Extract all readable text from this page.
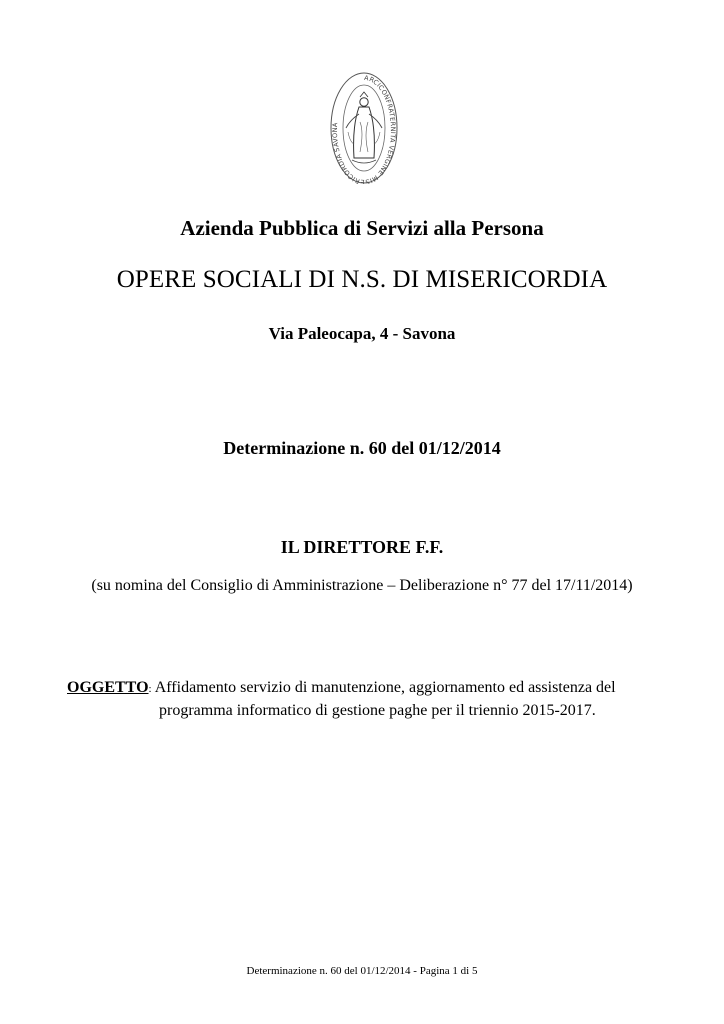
ARCICONFRATERNITA VERGINE MISERICORDIA SAVONA
Azienda Pubblica di Servizi alla Persona
OPERE SOCIALI DI N.S. DI MISERICORDIA
Via Paleocapa, 4 - Savona
Determinazione n. 60 del 01/12/2014
IL DIRETTORE F.F.
(su nomina del Consiglio di Amministrazione – Deliberazione n° 77 del 17/11/2014)
OGGETTO: Affidamento servizio di manutenzione, aggiornamento ed assistenza del
programma informatico di gestione paghe per il triennio 2015-2017.
Determinazione n. 60 del 01/12/2014 - Pagina 1 di 5
